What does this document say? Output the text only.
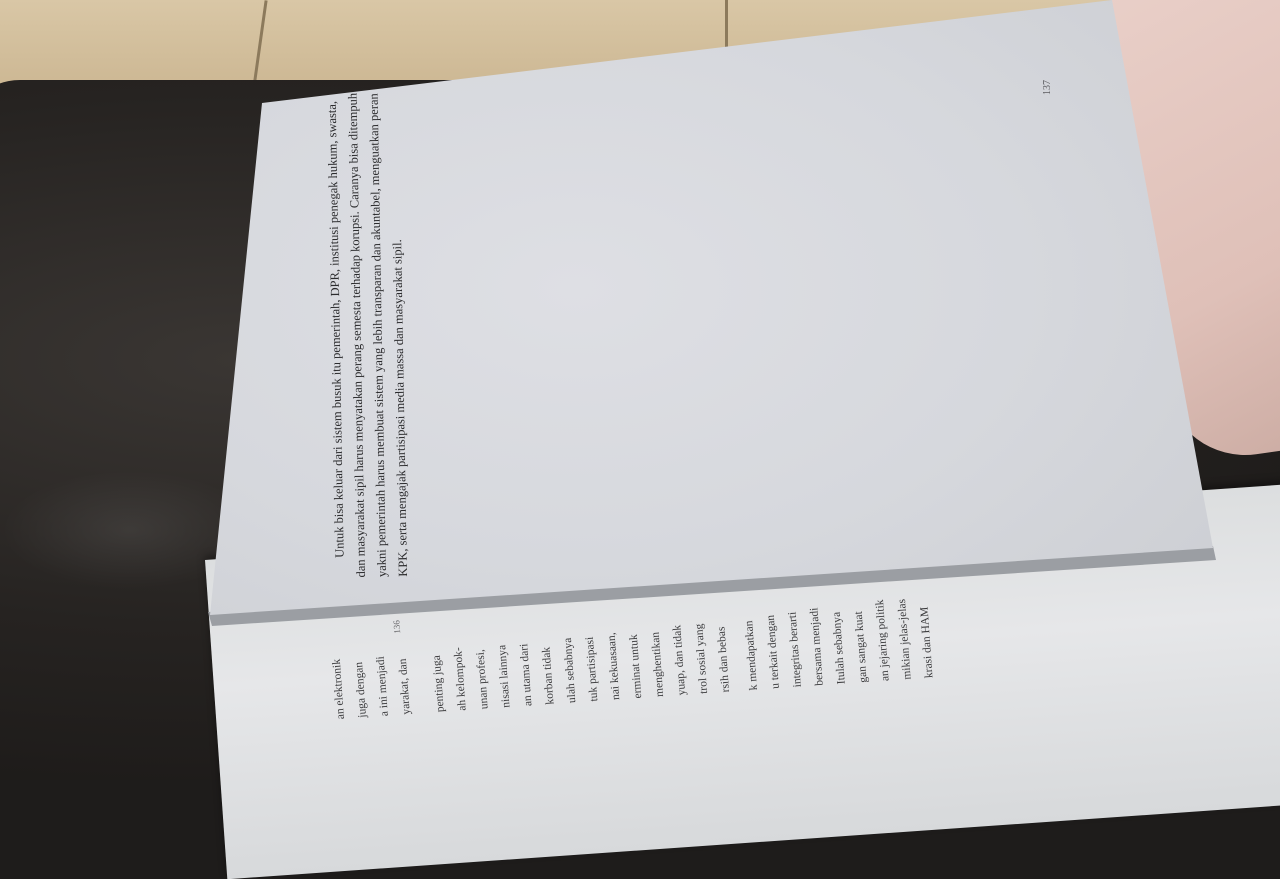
an elektronik juga dengan a ini menjadi yarakat, dan	penting juga ah kelompok- unan profesi, nisasi lainnya an utama dari korban tidak ulah sebabnya tuk partisipasi nai kekuasaan, erminat untuk menghentikan yuap, dan tidak trol sosial yang rsih dan bebas k mendapatkan u terkait dengan integritas berarti bersama menjadi Itulah sebabnya gan sangat kuat an jejaring politik mikian jelas-jelas krasi dan HAM

136

Untuk bisa keluar dari sistem busuk itu pemerintah, DPR, institusi penegak hukum, swasta,

dan masyarakat sipil harus menyatakan perang semesta terhadap korupsi. Caranya bisa ditempuh

yakni pemerintah harus membuat sistem yang lebih transparan dan akuntabel, menguatkan peran KPK, serta mengajak partisipasi media massa dan masyarakat sipil.

137
